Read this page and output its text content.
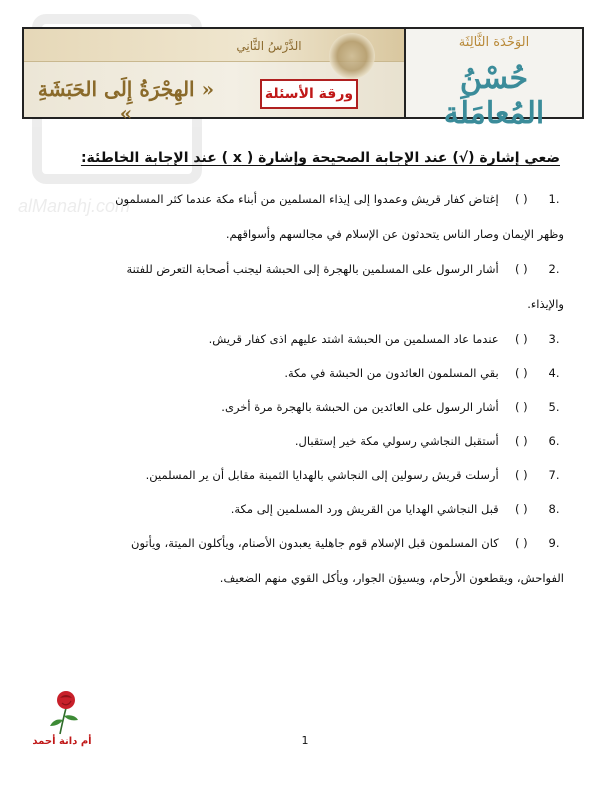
alManahj.com
الدَّرْسُ الثَّانِي
« الهِجْرَةُ إِلَى الحَبَشَةِ »
ورقة الأسئلة
الوَحْدَة الثَّالِثَة
حُسْنُ المُعامَلَة
ضعي إشارة (√) عند الإجابة الصحيحة وإشارة ( x ) عند الإجابة الخاطئة:

.1 ( ) إغتاض كفار قريش وعمدوا إلى إيذاء المسلمين من أبناء مكة عندما كثر المسلمون

وظهر الإيمان وصار الناس يتحدثون عن الإسلام في مجالسهم وأسواقهم.

.2 ( ) أشار الرسول على المسلمين بالهجرة إلى الحبشة ليجنب أصحابة التعرض للفتنة

والإيذاء.

.3 ( ) عندما عاد المسلمين من الحبشة اشتد عليهم اذى كفار قريش.

.4 ( ) بقي المسلمون العائدون من الحبشة في مكة.

.5 ( ) أشار الرسول على العائدين من الحبشة بالهجرة مرة أخرى.

.6 ( ) أستقبل النجاشي رسولي مكة خير إستقبال.

.7 ( ) أرسلت قريش رسولين إلى النجاشي بالهدايا الثمينة مقابل أن ير المسلمين.

.8 ( ) قبل النجاشي الهدايا من القريش ورد المسلمين إلى مكة.

.9 ( ) كان المسلمون قبل الإسلام قوم جاهلية يعبدون الأصنام، ويأكلون الميتة، ويأتون

الفواحش، ويقطعون الأرحام، ويسيؤن الجوار، ويأكل القوي منهم الضعيف.

أم دانة أحمد	1
